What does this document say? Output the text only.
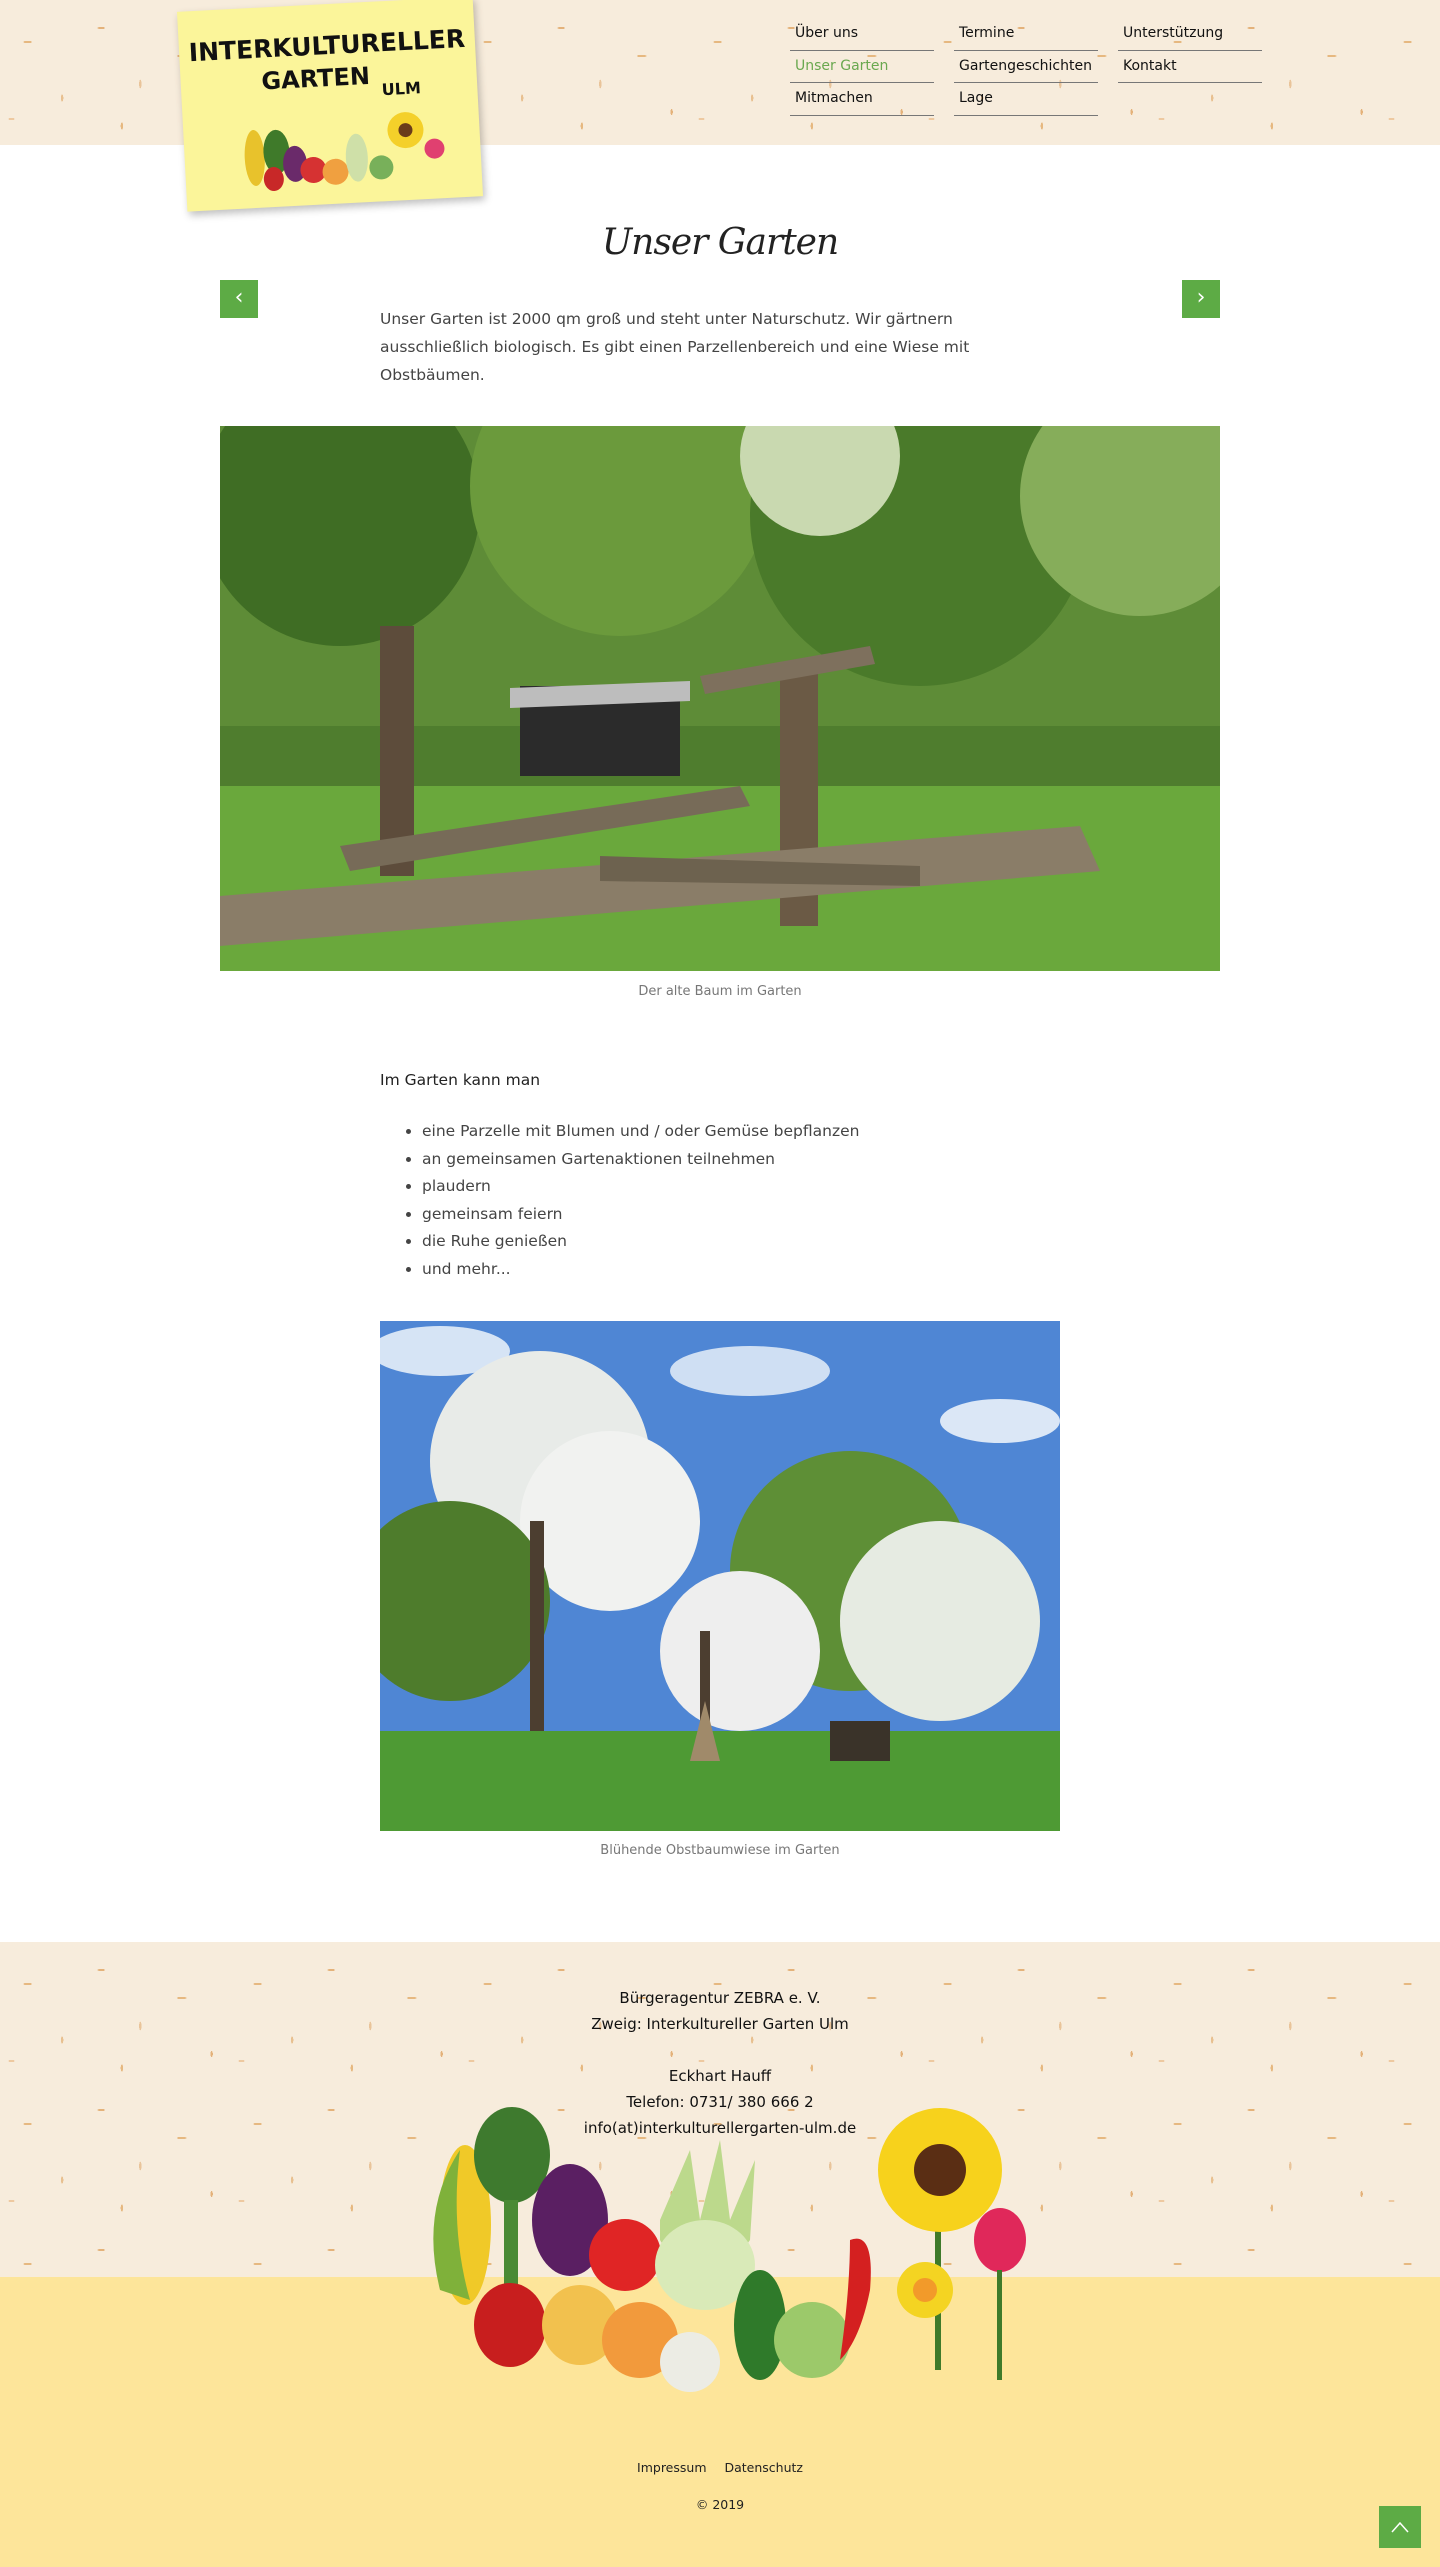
INTERKULTURELLER
GARTEN ULM
Über uns
Unser Garten
Mitmachen
Termine
Gartengeschichten
Lage
Unterstützung
Kontakt
Unser Garten

Unser Garten ist 2000 qm groß und steht unter Naturschutz. Wir gärtnern ausschließlich biologisch. Es gibt einen Parzellenbereich und eine Wiese mit Obstbäumen.

‹	›
Der alte Baum im Garten
Im Garten kann man
• eine Parzelle mit Blumen und / oder Gemüse bepflanzen
• an gemeinsamen Gartenaktionen teilnehmen
• plaudern
• gemeinsam feiern
• die Ruhe genießen
• und mehr...
Blühende Obstbaumwiese im Garten
Bürgeragentur ZEBRA e. V.
Zweig: Interkultureller Garten Ulm
Eckhart Hauff
Telefon: 0731/ 380 666 2
info(at)interkulturellergarten-ulm.de
Impressum Datenschutz
© 2019
